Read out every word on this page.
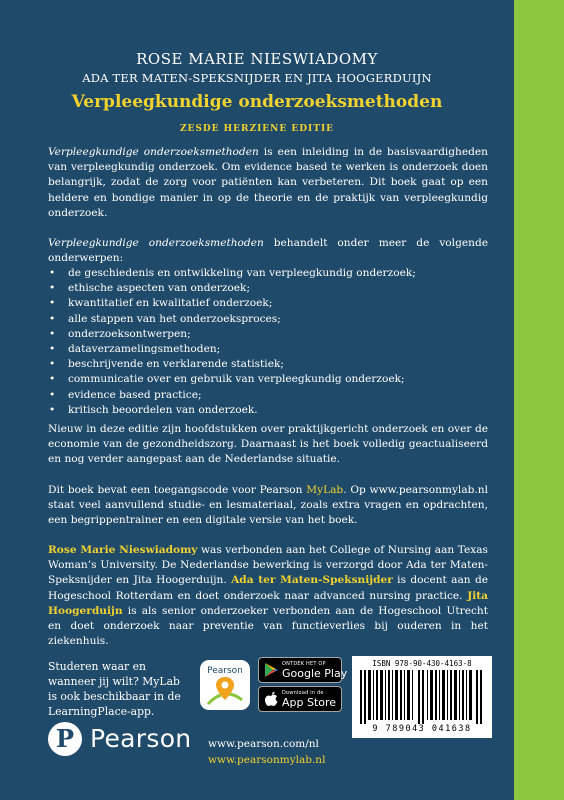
ROSE MARIE NIESWIADOMY
ADA TER MATEN-SPEKSNIJDER EN JITA HOOGERDUIJN
Verpleegkundige onderzoeksmethoden
ZESDE HERZIENE EDITIE
Verpleegkundige onderzoeksmethoden is een inleiding in de basisvaardigheden van verpleegkundig onderzoek. Om evidence based te werken is onderzoek doen belangrijk, zodat de zorg voor patiënten kan verbeteren. Dit boek gaat op een heldere en bondige manier in op de theorie en de praktijk van verpleegkundig onderzoek.
Verpleegkundige onderzoeksmethoden behandelt onder meer de volgende onderwerpen:
• de geschiedenis en ontwikkeling van verpleegkundig onderzoek;
• ethische aspecten van onderzoek;
• kwantitatief en kwalitatief onderzoek;
• alle stappen van het onderzoeksproces;
• onderzoeksontwerpen;
• dataverzamelingsmethoden;
• beschrijvende en verklarende statistiek;
• communicatie over en gebruik van verpleegkundig onderzoek;
• evidence based practice;
• kritisch beoordelen van onderzoek.
Nieuw in deze editie zijn hoofdstukken over praktijkgericht onderzoek en over de economie van de gezondheidszorg. Daarnaast is het boek volledig geactualiseerd en nog verder aangepast aan de Nederlandse situatie.
Dit boek bevat een toegangscode voor Pearson MyLab. Op www.pearsonmylab.nl staat veel aanvullend studie- en lesmateriaal, zoals extra vragen en opdrachten, een begrippentrainer en een digitale versie van het boek.
Rose Marie Nieswiadomy was verbonden aan het College of Nursing aan Texas Woman’s University. De Nederlandse bewerking is verzorgd door Ada ter Maten-Speksnijder en Jita Hoogerduijn. Ada ter Maten-Speksnijder is docent aan de Hogeschool Rotterdam en doet onderzoek naar advanced nursing practice. Jita Hoogerduijn is als senior onderzoeker verbonden aan de Hogeschool Utrecht en doet onderzoek naar preventie van functieverlies bij ouderen in het ziekenhuis.
Studeren waar en wanneer jij wilt? MyLab is ook beschikbaar in de LearningPlace-app.
Pearson
ONTDEK HET OP
Google Play
Download in de
App Store
ISBN 978-90-430-4163-8
9 789043 041638
P Pearson www.pearson.com/nl
www.pearsonmylab.nl
